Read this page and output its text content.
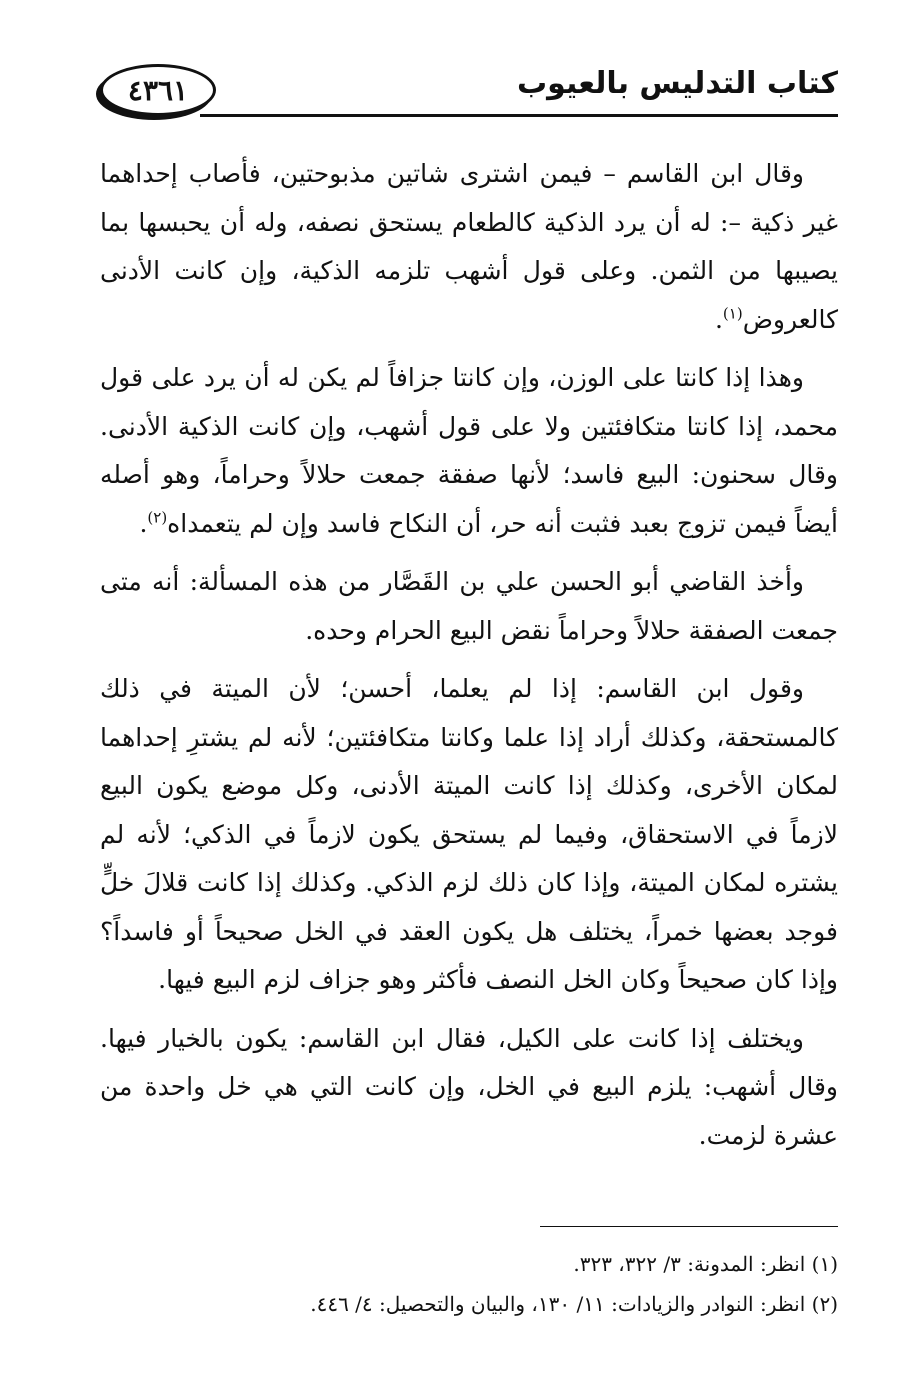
كتاب التدليس بالعيوب
٤٣٦١

وقال ابن القاسم – فيمن اشترى شاتين مذبوحتين، فأصاب إحداهما غير ذكية –: له أن يرد الذكية كالطعام يستحق نصفه، وله أن يحبسها بما يصيبها من الثمن. وعلى قول أشهب تلزمه الذكية، وإن كانت الأدنى كالعروض$^{(١)}$.

وهذا إذا كانتا على الوزن، وإن كانتا جزافاً لم يكن له أن يرد على قول محمد، إذا كانتا متكافئتين ولا على قول أشهب، وإن كانت الذكية الأدنى. وقال سحنون: البيع فاسد؛ لأنها صفقة جمعت حلالاً وحراماً، وهو أصله أيضاً فيمن تزوج بعبد فثبت أنه حر، أن النكاح فاسد وإن لم يتعمداه$^{(٢)}$.

وأخذ القاضي أبو الحسن علي بن القَصَّار من هذه المسألة: أنه متى جمعت الصفقة حلالاً وحراماً نقض البيع الحرام وحده.

وقول ابن القاسم: إذا لم يعلما، أحسن؛ لأن الميتة في ذلك كالمستحقة، وكذلك أراد إذا علما وكانتا متكافئتين؛ لأنه لم يشترِ إحداهما لمكان الأخرى، وكذلك إذا كانت الميتة الأدنى، وكل موضع يكون البيع لازماً في الاستحقاق، وفيما لم يستحق يكون لازماً في الذكي؛ لأنه لم يشتره لمكان الميتة، وإذا كان ذلك لزم الذكي. وكذلك إذا كانت قلالَ خلٍّ فوجد بعضها خمراً، يختلف هل يكون العقد في الخل صحيحاً أو فاسداً؟ وإذا كان صحيحاً وكان الخل النصف فأكثر وهو جزاف لزم البيع فيها.

ويختلف إذا كانت على الكيل، فقال ابن القاسم: يكون بالخيار فيها. وقال أشهب: يلزم البيع في الخل، وإن كانت التي هي خل واحدة من عشرة لزمت.

(١) انظر: المدونة: ٣/ ٣٢٢، ٣٢٣.
(٢) انظر: النوادر والزيادات: ١١/ ١٣٠، والبيان والتحصيل: ٤/ ٤٤٦.
